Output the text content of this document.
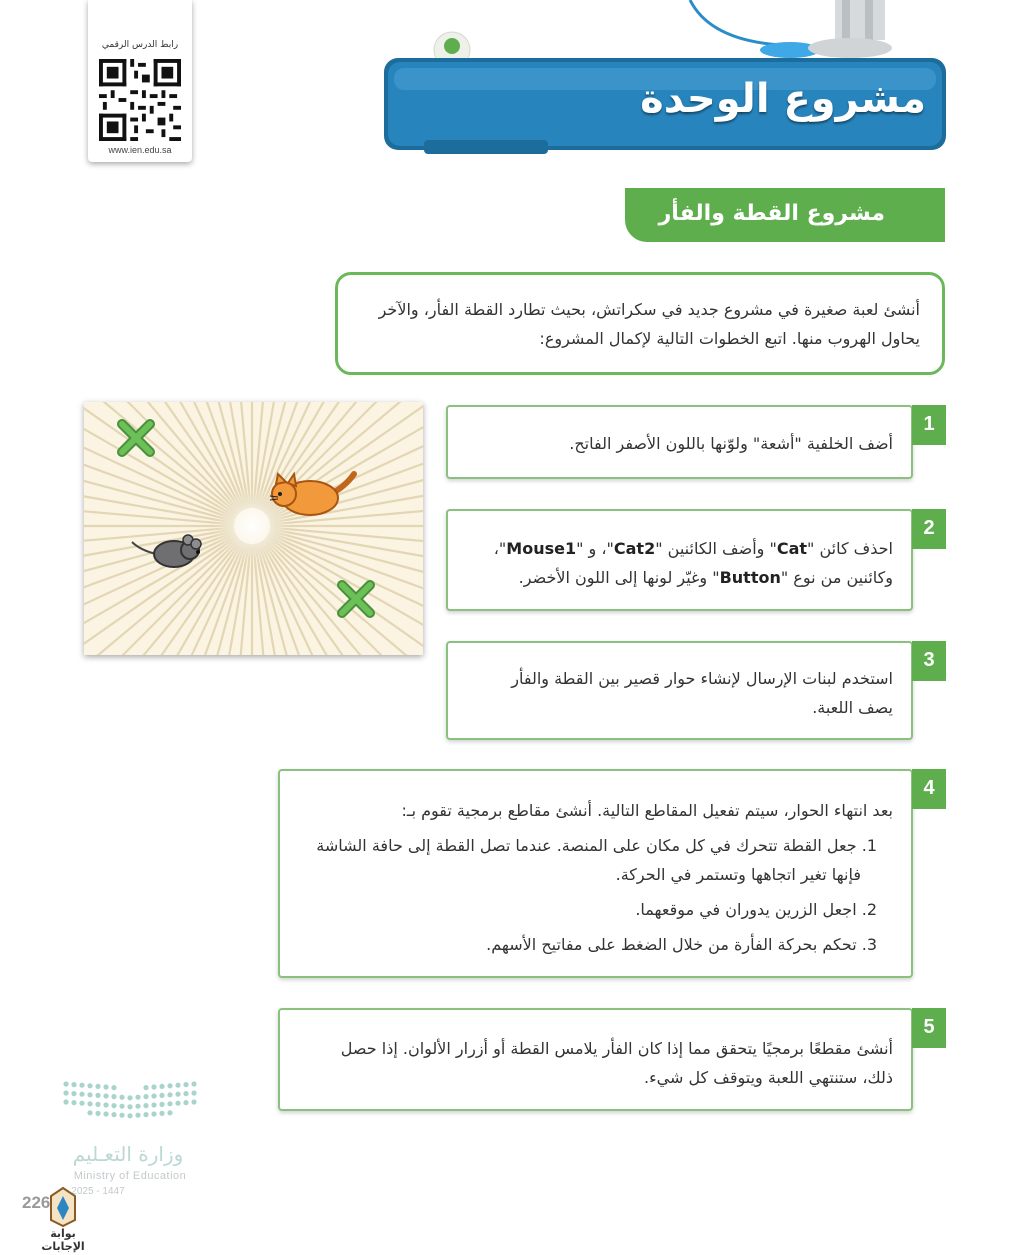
رابط الدرس الرقمي
www.ien.edu.sa
مشروع الوحدة
مشروع القطة والفأر
أنشئ لعبة صغيرة في مشروع جديد في سكراتش، بحيث تطارد القطة الفأر، والآخر
يحاول الهروب منها. اتبع الخطوات التالية لإكمال المشروع:
أضف الخلفية "أشعة" ولوّنها باللون الأصفر الفاتح.
1
احذف كائن "Cat" وأضف الكائنين "Cat2"، و "Mouse1"،
وكائنين من نوع "Button" وغيّر لونها إلى اللون الأخضر.
2
استخدم لبنات الإرسال لإنشاء حوار قصير بين القطة والفأر
يصف اللعبة.
3
بعد انتهاء الحوار، سيتم تفعيل المقاطع التالية. أنشئ مقاطع برمجية تقوم بـ:
1. جعل القطة تتحرك في كل مكان على المنصة. عندما تصل القطة إلى حافة الشاشة
فإنها تغير اتجاهها وتستمر في الحركة.
2. اجعل الزرين يدوران في موقعهما.
3. تحكم بحركة الفأرة من خلال الضغط على مفاتيح الأسهم.
4
أنشئ مقطعًا برمجيًا يتحقق مما إذا كان الفأر يلامس القطة أو أزرار الألوان. إذا حصل
ذلك، ستنتهي اللعبة ويتوقف كل شيء.
5
وزارة التعـليم
Ministry of Education
2025 - 1447
226
بوابة الإجابات
